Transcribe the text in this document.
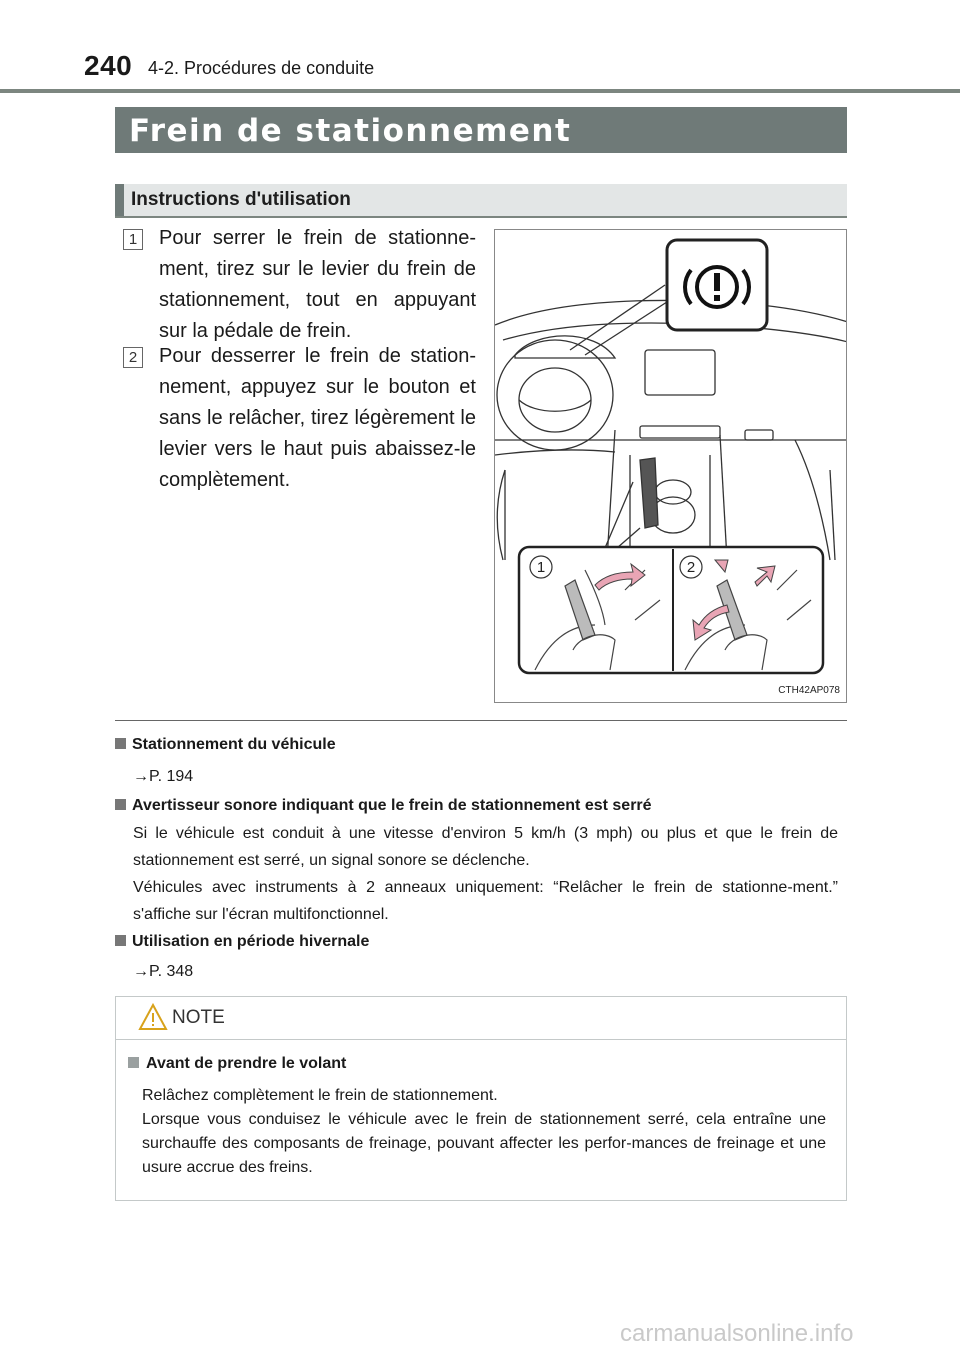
240 4-2. Procédures de conduite
Frein de stationnement
Instructions d'utilisation
1 Pour serrer le frein de stationne-ment, tirez sur le levier du frein de stationnement, tout en appuyant sur la pédale de frein.
2 Pour desserrer le frein de station-nement, appuyez sur le bouton et sans le relâcher, tirez légèrement le levier vers le haut puis abaissez-le complètement.
1	2
CTH42AP078
Stationnement du véhicule
→P. 194
Avertisseur sonore indiquant que le frein de stationnement est serré
Si le véhicule est conduit à une vitesse d'environ 5 km/h (3 mph) ou plus et que le frein de stationnement est serré, un signal sonore se déclenche.
Véhicules avec instruments à 2 anneaux uniquement: “Relâcher le frein de stationne-ment.” s'affiche sur l'écran multifonctionnel.
Utilisation en période hivernale
→P. 348
NOTE
Avant de prendre le volant

Relâchez complètement le frein de stationnement.

Lorsque vous conduisez le véhicule avec le frein de stationnement serré, cela entraîne une surchauffe des composants de freinage, pouvant affecter les perfor-mances de freinage et une usure accrue des freins.

carmanualsonline.info
